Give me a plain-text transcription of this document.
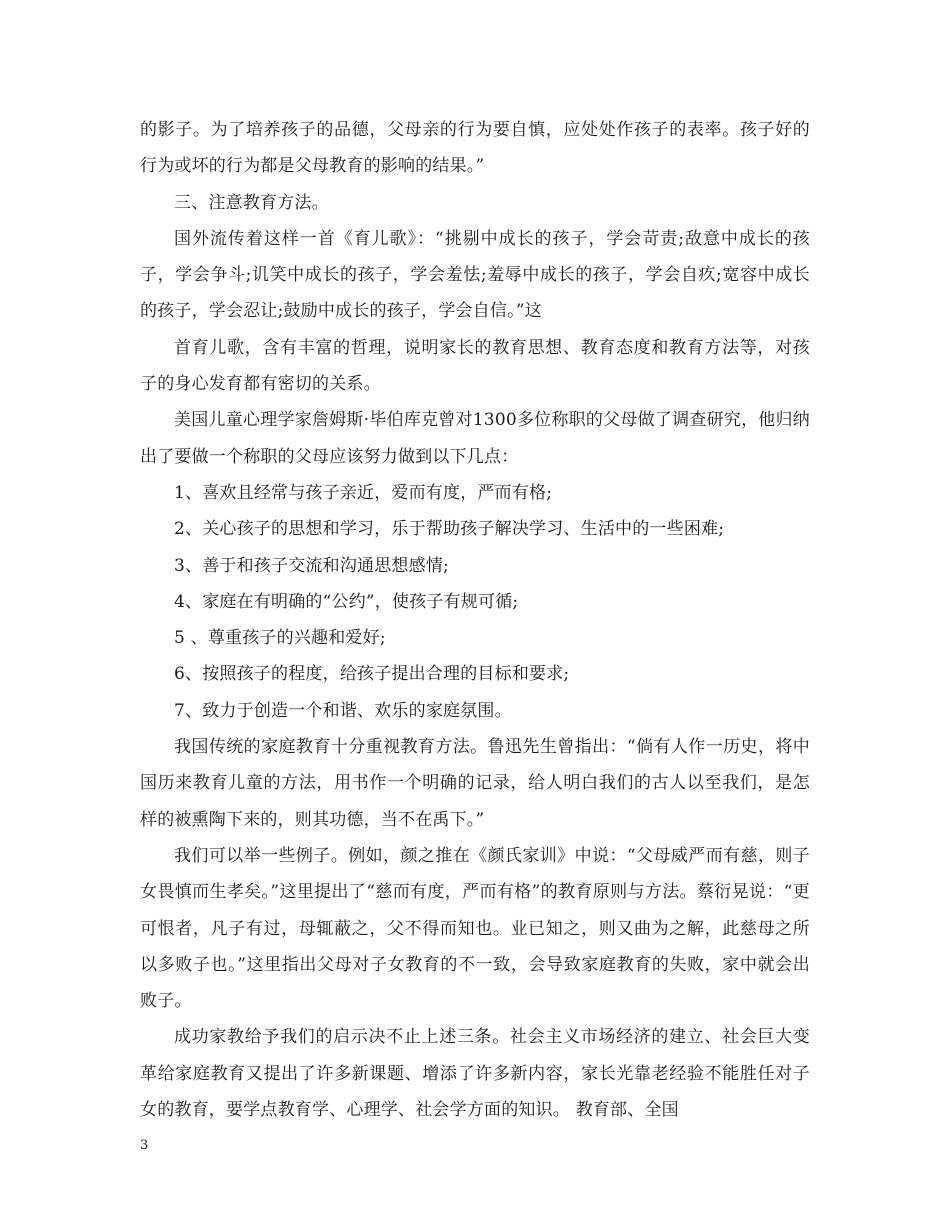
的影子。为了培养孩子的品德，父母亲的行为要自慎，应处处作孩子的表率。孩子好的行为或坏的行为都是父母教育的影响的结果。”

三、注意教育方法。

国外流传着这样一首《育儿歌》：“挑剔中成长的孩子，学会苛责;敌意中成长的孩子，学会争斗;讥笑中成长的孩子，学会羞怯;羞辱中成长的孩子，学会自疚;宽容中成长的孩子，学会忍让;鼓励中成长的孩子，学会自信。”这

首育儿歌，含有丰富的哲理，说明家长的教育思想、教育态度和教育方法等，对孩子的身心发育都有密切的关系。

美国儿童心理学家詹姆斯·毕伯库克曾对1300多位称职的父母做了调查研究，他归纳出了要做一个称职的父母应该努力做到以下几点：

1、喜欢且经常与孩子亲近，爱而有度，严而有格;

2、关心孩子的思想和学习，乐于帮助孩子解决学习、生活中的一些困难;

3、善于和孩子交流和沟通思想感情;

4、家庭在有明确的“公约”，使孩子有规可循;

5 、尊重孩子的兴趣和爱好;

6、按照孩子的程度，给孩子提出合理的目标和要求;

7、致力于创造一个和谐、欢乐的家庭氛围。

我国传统的家庭教育十分重视教育方法。鲁迅先生曾指出：“倘有人作一历史，将中国历来教育儿童的方法，用书作一个明确的记录，给人明白我们的古人以至我们，是怎样的被熏陶下来的，则其功德，当不在禹下。”

我们可以举一些例子。例如，颜之推在《颜氏家训》中说：“父母威严而有慈，则子女畏慎而生孝矣。”这里提出了“慈而有度，严而有格”的教育原则与方法。蔡衍晃说：“更可恨者，凡子有过，母辄蔽之，父不得而知也。业已知之，则又曲为之解，此慈母之所以多败子也。”这里指出父母对子女教育的不一致，会导致家庭教育的失败，家中就会出败子。

成功家教给予我们的启示决不止上述三条。社会主义市场经济的建立、社会巨大变革给家庭教育又提出了许多新课题、增添了许多新内容，家长光靠老经验不能胜任对子女的教育，要学点教育学、心理学、社会学方面的知识。 教育部、全国

3
